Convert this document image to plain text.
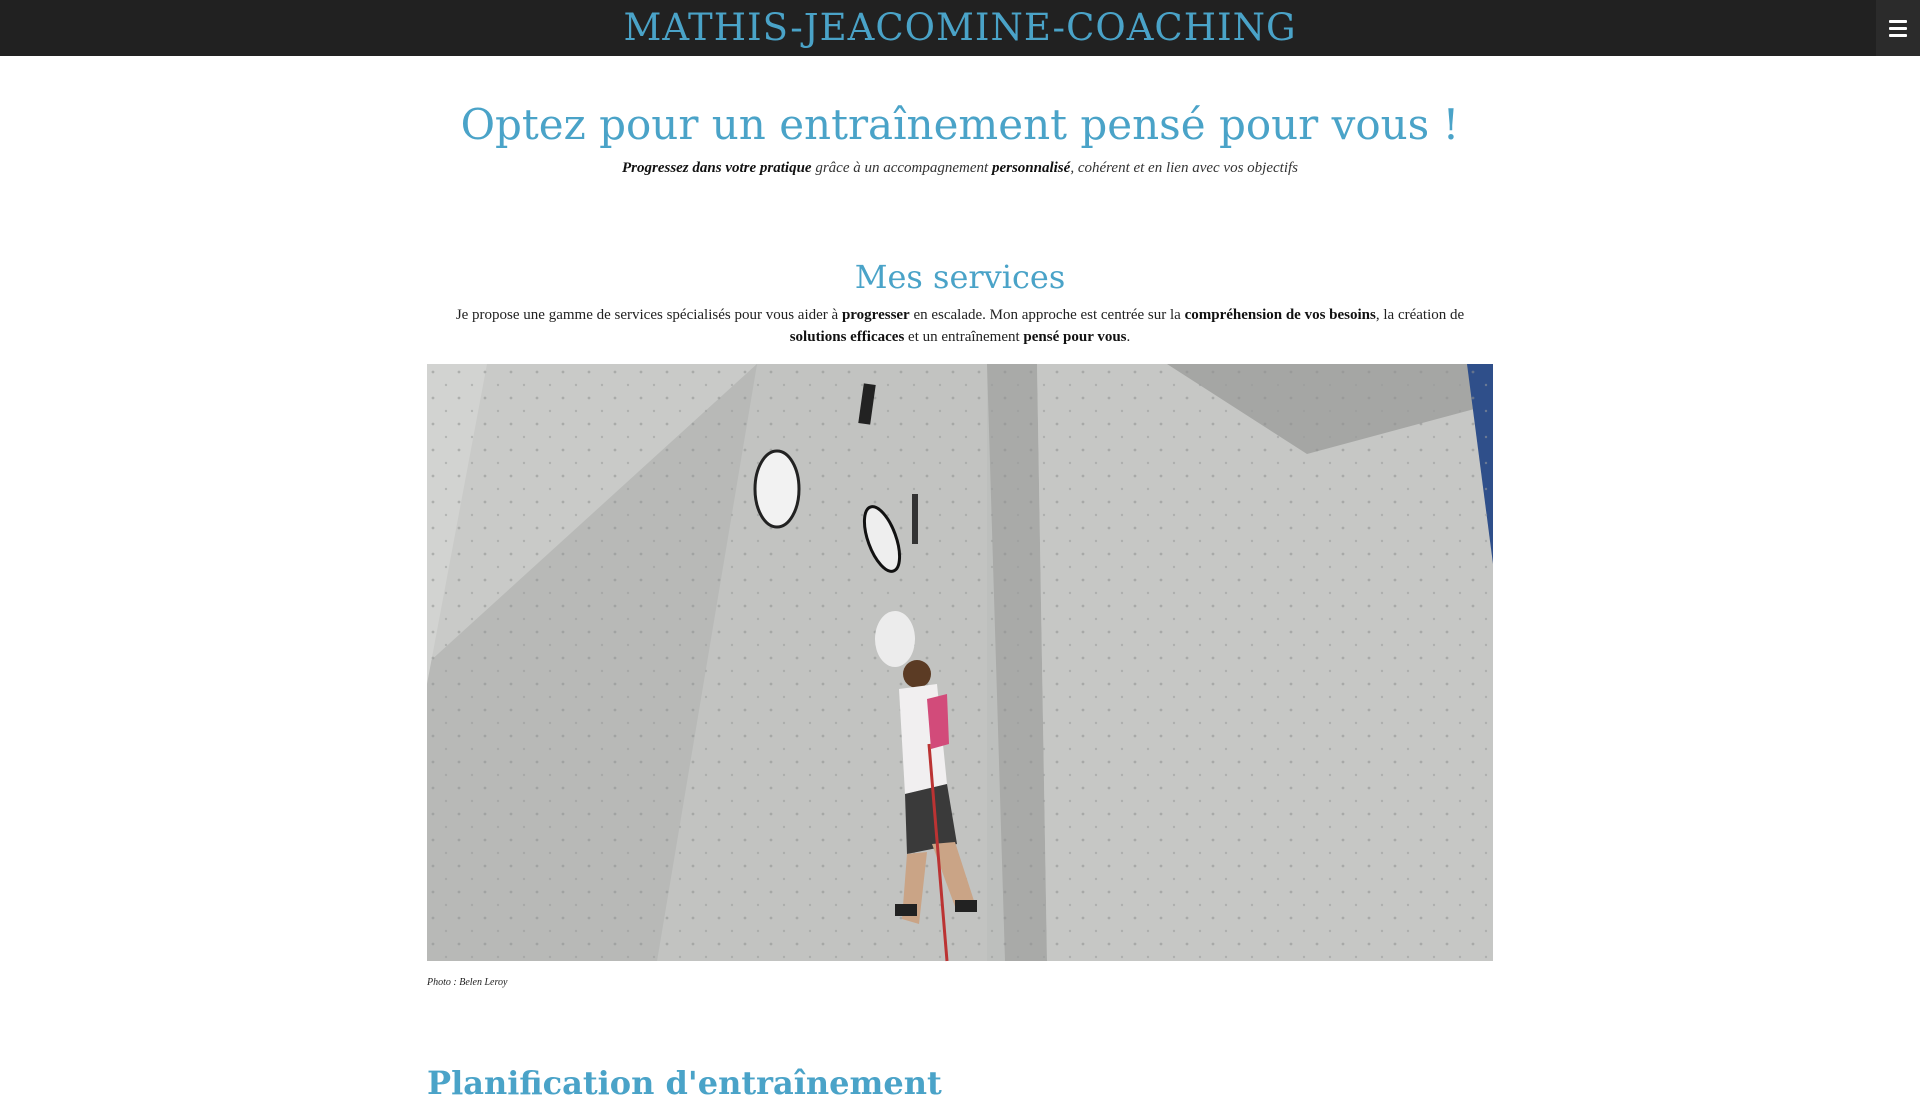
MATHIS-JEACOMINE-COACHING
Optez pour un entraînement pensé pour vous !

Progressez dans votre pratique grâce à un accompagnement personnalisé, cohérent et en lien avec vos objectifs

Mes services

Je propose une gamme de services spécialisés pour vous aider à progresser en escalade. Mon approche est centrée sur la compréhension de vos besoins, la création de
solutions efficaces et un entraînement pensé pour vous.

Photo : Belen Leroy
Planification d'entraînement
